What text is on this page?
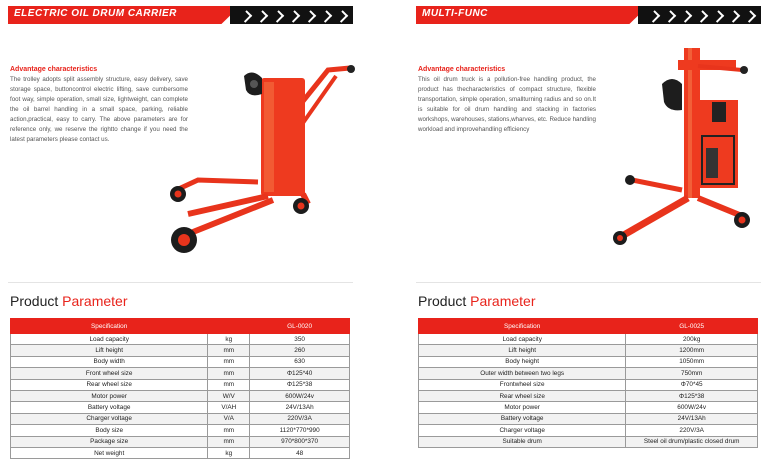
ELECTRIC OIL DRUM CARRIER
Advantage characteristics
The trolley adopts split assembly structure, easy delivery, save storage space, buttoncontrol electric lifting, save cumbersome foot way, simple operation, small size, lightweight, can complete the oil barrel handling in a small space, parking, reliable action,practical, easy to carry. The above parameters are for reference only, we reserve the rightto change if you need the latest parameters please contact us.
Product Parameter
Specification		GL-0020
Load capacity	kg	350
Lift height	mm	260
Body width	mm	630
Front wheel size	mm	Φ125*40
Rear wheel size	mm	Φ125*38
Motor power	W/V	600W/24v
Battery voltage	V/AH	24V/13Ah
Charger voltage	V/A	220V/3A
Body size	mm	1120*770*990
Package size	mm	970*800*370
Net weight	kg	48
MULTI-FUNC
Advantage characteristics
This oil drum truck is a pollution-free handling product, the product has thecharacteristics of compact structure, flexible transportation, simple operation, smallturning radius and so on.It is suitable for oil drum handling and stacking in factories workshops, warehouses, stations,wharves, etc. Reduce handling workload and improvehandling efficiency
Product Parameter
Specification	GL-0025
Load capacity	200kg
Lift height	1200mm
Body height	1050mm
Outer width between two legs	750mm
Frontwheel size	Φ70*45
Rear wheel size	Φ125*38
Motor power	600W/24v
Battery voltage	24V/13Ah
Charger voltage	220V/3A
Suitable drum	Steel oil drum/plastic closed drum
